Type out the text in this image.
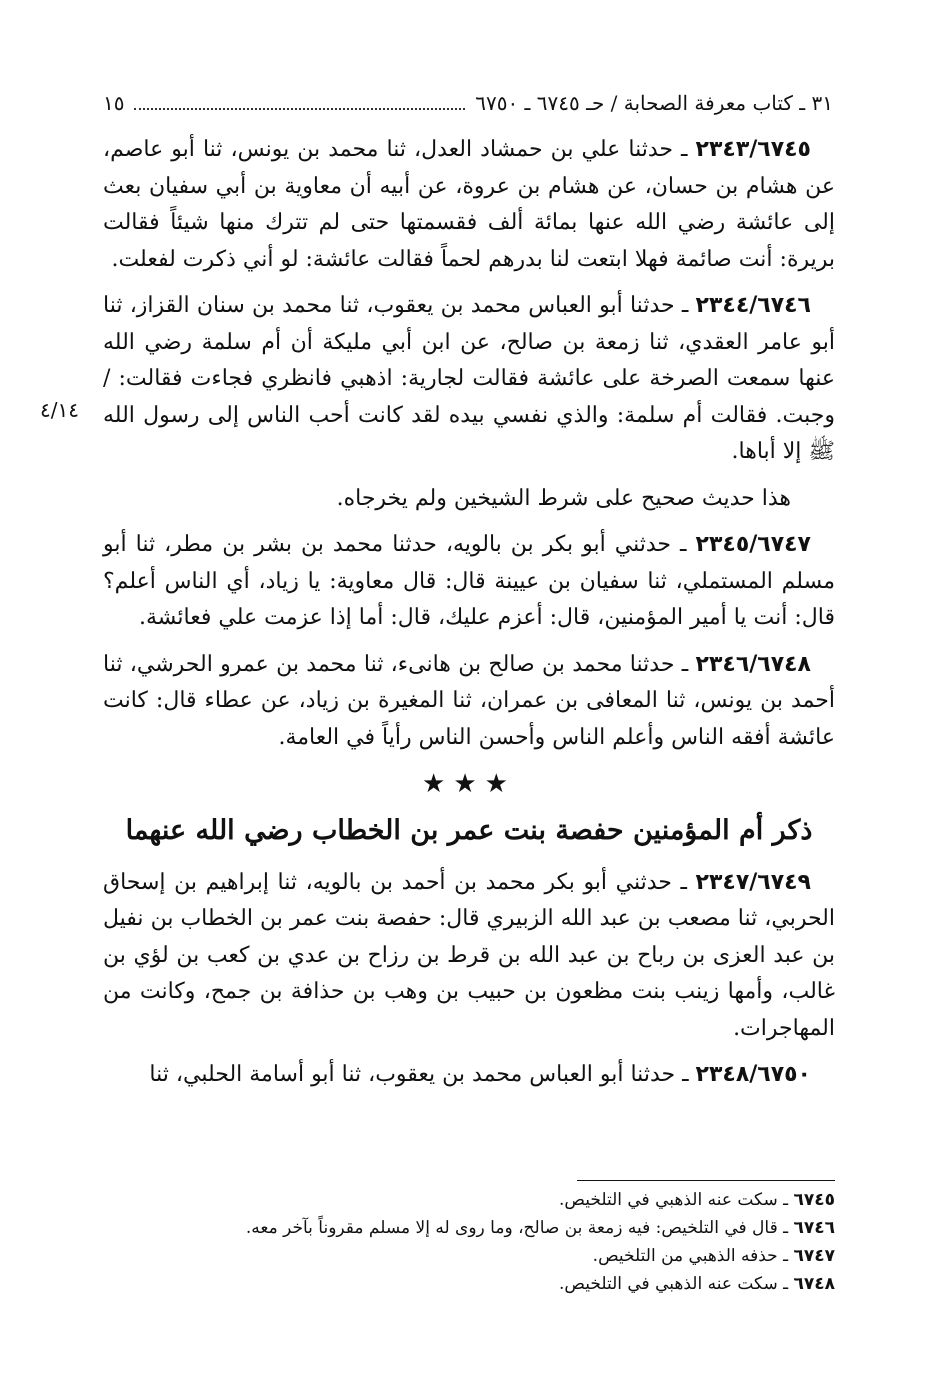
٣١ ـ كتاب معرفة الصحابة / حـ ٦٧٤٥ ـ ٦٧٥٠
١٥
٤/١٤

٢٣٤٣/٦٧٤٥ ـ حدثنا علي بن حمشاد العدل، ثنا محمد بن يونس، ثنا أبو عاصم، عن هشام بن حسان، عن هشام بن عروة، عن أبيه أن معاوية بن أبي سفيان بعث إلى عائشة رضي الله عنها بمائة ألف فقسمتها حتى لم تترك منها شيئاً فقالت بريرة: أنت صائمة فهلا ابتعت لنا بدرهم لحماً فقالت عائشة: لو أني ذكرت لفعلت.

٢٣٤٤/٦٧٤٦ ـ حدثنا أبو العباس محمد بن يعقوب، ثنا محمد بن سنان القزاز، ثنا أبو عامر العقدي، ثنا زمعة بن صالح، عن ابن أبي مليكة أن أم سلمة رضي الله عنها سمعت الصرخة على عائشة فقالت لجارية: اذهبي فانظري فجاءت فقالت: / وجبت. فقالت أم سلمة: والذي نفسي بيده لقد كانت أحب الناس إلى رسول الله ﷺ إلا أباها.

هذا حديث صحيح على شرط الشيخين ولم يخرجاه.

٢٣٤٥/٦٧٤٧ ـ حدثني أبو بكر بن بالويه، حدثنا محمد بن بشر بن مطر، ثنا أبو مسلم المستملي، ثنا سفيان بن عيينة قال: قال معاوية: يا زياد، أي الناس أعلم؟ قال: أنت يا أمير المؤمنين، قال: أعزم عليك، قال: أما إذا عزمت علي فعائشة.

٢٣٤٦/٦٧٤٨ ـ حدثنا محمد بن صالح بن هانىء، ثنا محمد بن عمرو الحرشي، ثنا أحمد بن يونس، ثنا المعافى بن عمران، ثنا المغيرة بن زياد، عن عطاء قال: كانت عائشة أفقه الناس وأعلم الناس وأحسن الناس رأياً في العامة.

★★★
ذكر أم المؤمنين حفصة بنت عمر بن الخطاب رضي الله عنهما

٢٣٤٧/٦٧٤٩ ـ حدثني أبو بكر محمد بن أحمد بن بالويه، ثنا إبراهيم بن إسحاق الحربي، ثنا مصعب بن عبد الله الزبيري قال: حفصة بنت عمر بن الخطاب بن نفيل بن عبد العزى بن رباح بن عبد الله بن قرط بن رزاح بن عدي بن كعب بن لؤي بن غالب، وأمها زينب بنت مظعون بن حبيب بن وهب بن حذافة بن جمح، وكانت من المهاجرات.

٢٣٤٨/٦٧٥٠ ـ حدثنا أبو العباس محمد بن يعقوب، ثنا أبو أسامة الحلبي، ثنا

٦٧٤٥ ـ سكت عنه الذهبي في التلخيص.

٦٧٤٦ ـ قال في التلخيص: فيه زمعة بن صالح، وما روى له إلا مسلم مقروناً بآخر معه.

٦٧٤٧ ـ حذفه الذهبي من التلخيص.

٦٧٤٨ ـ سكت عنه الذهبي في التلخيص.
